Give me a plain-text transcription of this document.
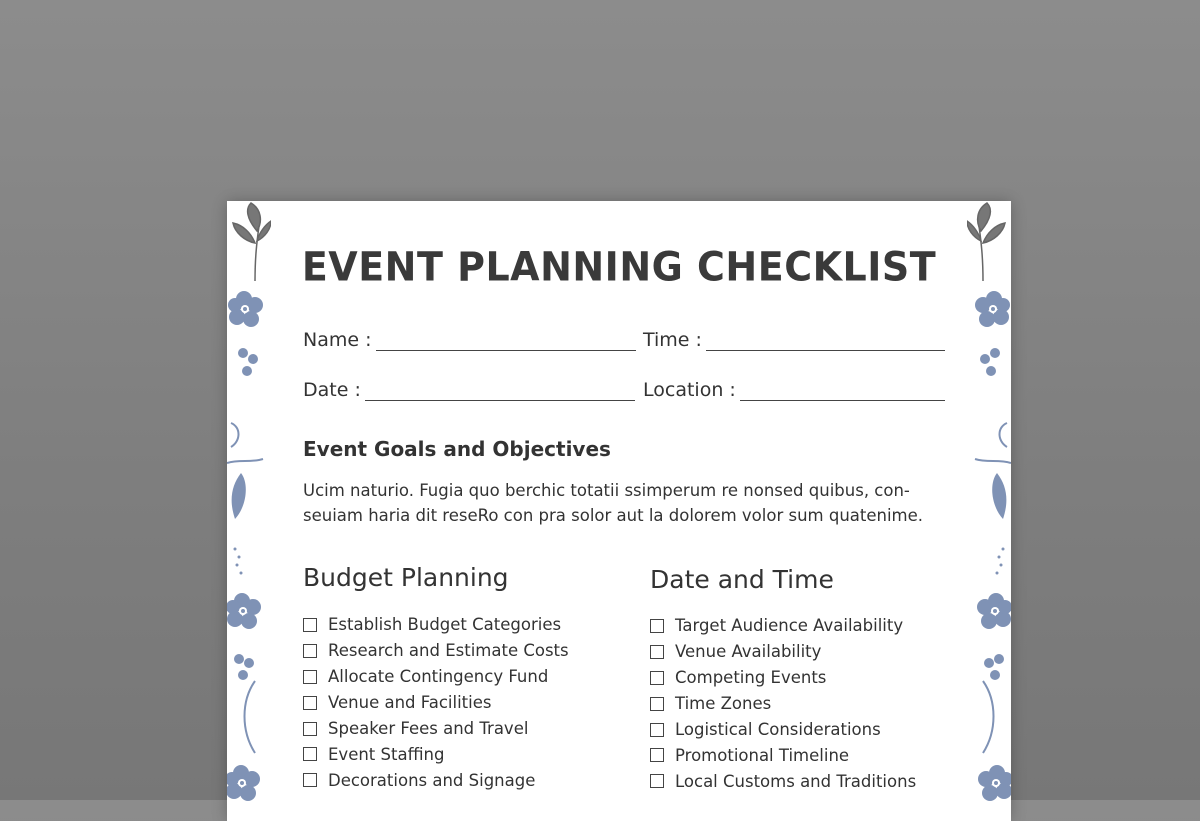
EVENT PLANNING CHECKLIST
Name :	Time :
Date :	Location :
Event Goals and Objectives

Ucim naturio. Fugia quo berchic totatii ssimperum re nonsed quibus, con-
seuiam haria dit reseRo con pra solor aut la dolorem volor sum quatenime.

Budget Planning
Establish Budget Categories
Research and Estimate Costs
Allocate Contingency Fund
Venue and Facilities
Speaker Fees and Travel
Event Staffing
Decorations and Signage
Date and Time
Target Audience Availability
Venue Availability
Competing Events
Time Zones
Logistical Considerations
Promotional Timeline
Local Customs and Traditions
